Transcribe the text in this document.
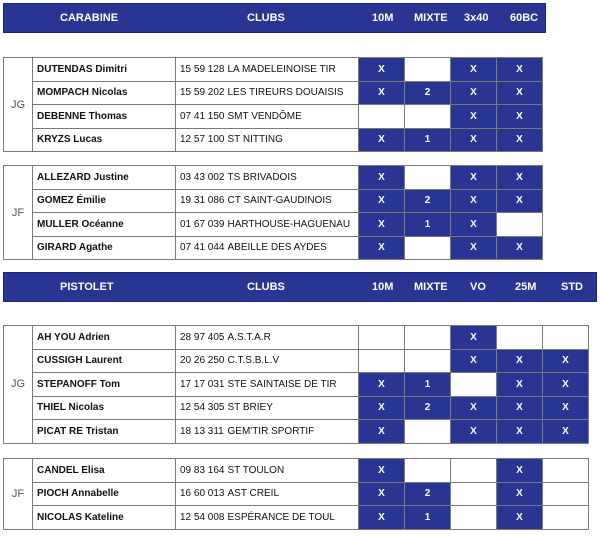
CARABINE	CLUBS	10M MIXTE 3x40 60BC
JG	DUTENDAS Dimitri	15 59 128	LA MADELEINOISE TIR	X		X	X
	MOMPACH Nicolas	15 59 202	LES TIREURS DOUAISIS	X	2	X	X
	DEBENNE Thomas	07 41 150	SMT VENDÔME			X	X
	KRYZS Lucas	12 57 100	ST NITTING	X	1	X	X
JF	ALLEZARD Justine	03 43 002	TS BRIVADOIS	X		X	X
	GOMEZ Émilie	19 31 086	CT SAINT-GAUDINOIS	X	2	X	X
	MULLER Océanne	01 67 039	HARTHOUSE-HAGUENAU	X	1	X	
	GIRARD Agathe	07 41 044	ABEILLE DES AYDES	X		X	X
PISTOLET	CLUBS	10M MIXTE VO	25M STD
JG	AH YOU Adrien	28 97 405	A.S.T.A.R			X		
	CUSSIGH Laurent	20 26 250	C.T.S.B.L.V			X	X	X
	STEPANOFF Tom	17 17 031	STE SAINTAISE DE TIR	X	1		X	X
	THIEL Nicolas	12 54 305	ST BRIEY	X	2	X	X	X
	PICAT RE Tristan	18 13 311	GEM'TIR SPORTIF	X		X	X	X
JF	CANDEL Elisa	09 83 164	ST TOULON	X			X	
	PIOCH Annabelle	16 60 013	AST CREIL	X	2		X	
	NICOLAS Kateline	12 54 008	ESPÉRANCE DE TOUL	X	1		X	
